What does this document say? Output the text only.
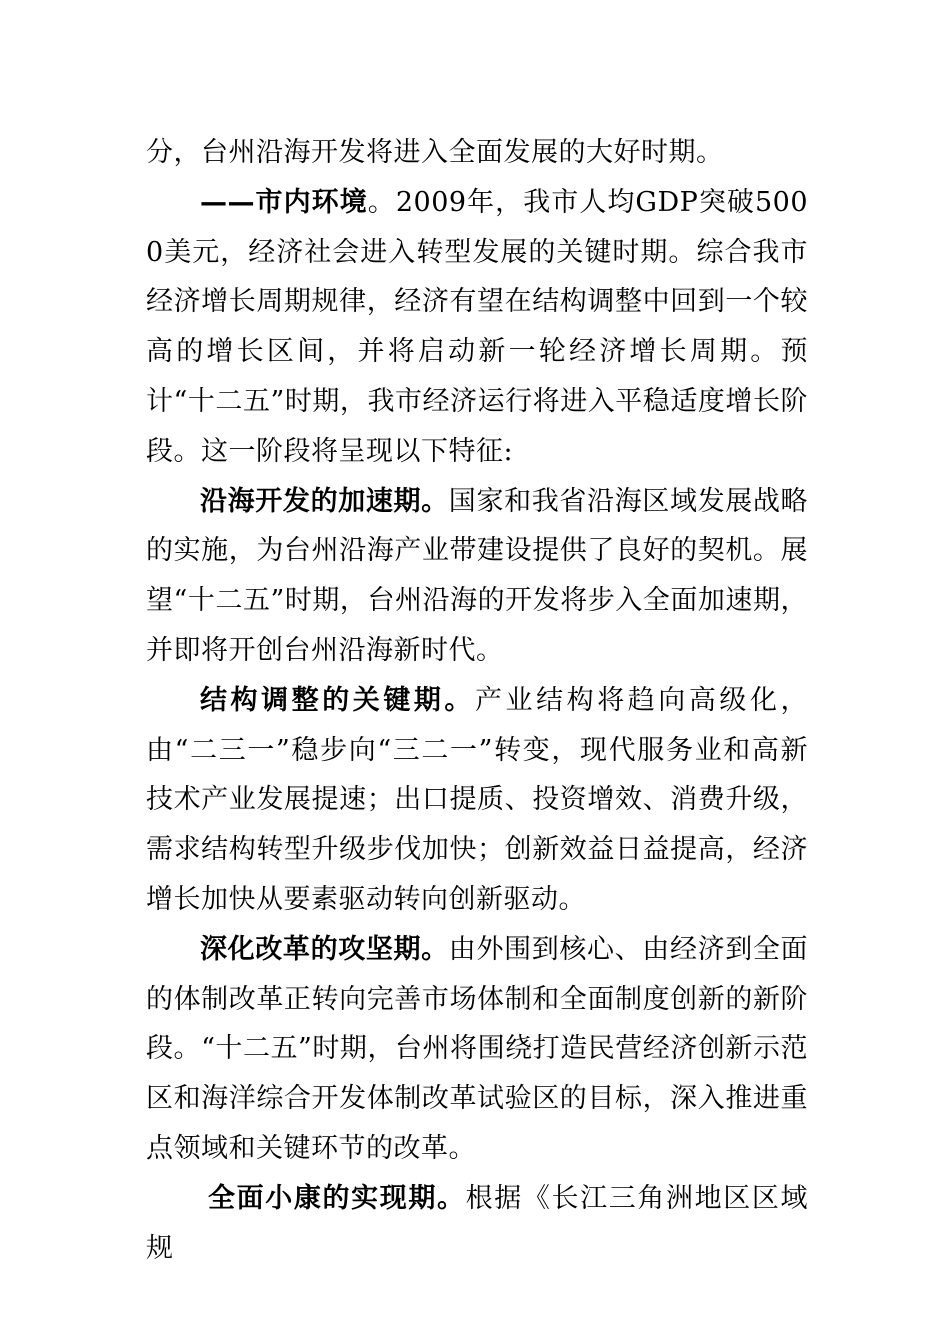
分，台州沿海开发将进入全面发展的大好时期。

——市内环境。2009年，我市人均GDP突破5000美元，经济社会进入转型发展的关键时期。综合我市经济增长周期规律，经济有望在结构调整中回到一个较高的增长区间，并将启动新一轮经济增长周期。预计“十二五”时期，我市经济运行将进入平稳适度增长阶段。这一阶段将呈现以下特征:

沿海开发的加速期。国家和我省沿海区域发展战略的实施，为台州沿海产业带建设提供了良好的契机。展望“十二五”时期，台州沿海的开发将步入全面加速期，并即将开创台州沿海新时代。

结构调整的关键期。产业结构将趋向高级化，由“二三一”稳步向“三二一”转变，现代服务业和高新技术产业发展提速；出口提质、投资增效、消费升级，需求结构转型升级步伐加快；创新效益日益提高，经济增长加快从要素驱动转向创新驱动。

深化改革的攻坚期。由外围到核心、由经济到全面的体制改革正转向完善市场体制和全面制度创新的新阶段。“十二五”时期，台州将围绕打造民营经济创新示范区和海洋综合开发体制改革试验区的目标，深入推进重点领域和关键环节的改革。

全面小康的实现期。根据《长江三角洲地区区域规
